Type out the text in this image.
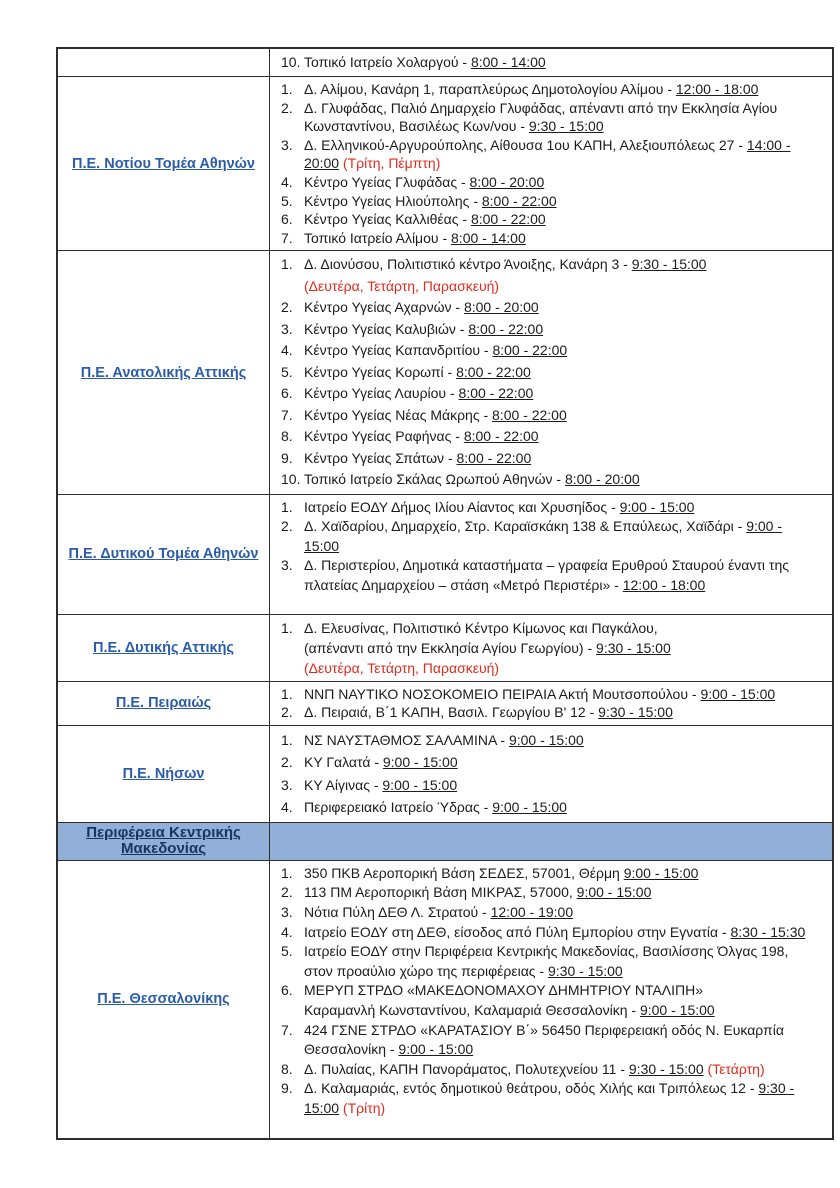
10. Τοπικό Ιατρείο Χολαργού - 8:00 - 14:00
Π.Ε. Νοτίου Τομέα Αθηνών
1. Δ. Αλίμου, Κανάρη 1, παραπλεύρως Δημοτολογίου Αλίμου - 12:00 - 18:00
2. Δ. Γλυφάδας, Παλιό Δημαρχείο Γλυφάδας, απέναντι από την Εκκλησία Αγίου Κωνσταντίνου, Βασιλέως Κων/νου - 9:30 - 15:00
3. Δ. Ελληνικού-Αργυρούπολης, Αίθουσα 1ου ΚΑΠΗ, Αλεξιουπόλεως 27 - 14:00 - 20:00 (Τρίτη, Πέμπτη)
4. Κέντρο Υγείας Γλυφάδας - 8:00 - 20:00
5. Κέντρο Υγείας Ηλιούπολης - 8:00 - 22:00
6. Κέντρο Υγείας Καλλιθέας - 8:00 - 22:00
7. Τοπικό Ιατρείο Αλίμου - 8:00 - 14:00
Π.Ε. Ανατολικής Αττικής
1. Δ. Διονύσου, Πολιτιστικό κέντρο Άνοιξης, Κανάρη 3 - 9:30 - 15:00
(Δευτέρα, Τετάρτη, Παρασκευή)
2. Κέντρο Υγείας Αχαρνών - 8:00 - 20:00
3. Κέντρο Υγείας Καλυβιών - 8:00 - 22:00
4. Κέντρο Υγείας Καπανδριτίου - 8:00 - 22:00
5. Κέντρο Υγείας Κορωπί - 8:00 - 22:00
6. Κέντρο Υγείας Λαυρίου - 8:00 - 22:00
7. Κέντρο Υγείας Νέας Μάκρης - 8:00 - 22:00
8. Κέντρο Υγείας Ραφήνας - 8:00 - 22:00
9. Κέντρο Υγείας Σπάτων - 8:00 - 22:00
10. Τοπικό Ιατρείο Σκάλας Ωρωπού Αθηνών - 8:00 - 20:00
Π.Ε. Δυτικού Τομέα Αθηνών
1. Ιατρείο ΕΟΔΥ Δήμος Ιλίου Αίαντος και Χρυσηίδος - 9:00 - 15:00
2. Δ. Χαϊδαρίου, Δημαρχείο, Στρ. Καραϊσκάκη 138 & Επαύλεως, Χαϊδάρι - 9:00 - 15:00
3. Δ. Περιστερίου, Δημοτικά καταστήματα – γραφεία Ερυθρού Σταυρού έναντι της πλατείας Δημαρχείου – στάση «Μετρό Περιστέρι» - 12:00 - 18:00
Π.Ε. Δυτικής Αττικής
1. Δ. Ελευσίνας, Πολιτιστικό Κέντρο Κίμωνος και Παγκάλου,
(απέναντι από την Εκκλησία Αγίου Γεωργίου) - 9:30 - 15:00
(Δευτέρα, Τετάρτη, Παρασκευή)
Π.Ε. Πειραιώς
1. ΝΝΠ ΝΑΥΤΙΚΟ ΝΟΣΟΚΟΜΕΙΟ ΠΕΙΡΑΙΑ Ακτή Μουτσοπούλου - 9:00 - 15:00
2. Δ. Πειραιά, Β΄1 ΚΑΠΗ, Βασιλ. Γεωργίου Β' 12 - 9:30 - 15:00
Π.Ε. Νήσων
1. ΝΣ ΝΑΥΣΤΑΘΜΟΣ ΣΑΛΑΜΙΝΑ - 9:00 - 15:00
2. ΚΥ Γαλατά - 9:00 - 15:00
3. ΚΥ Αίγινας - 9:00 - 15:00
4. Περιφερειακό Ιατρείο Ύδρας - 9:00 - 15:00
Περιφέρεια Κεντρικής Μακεδονίας
Π.Ε. Θεσσαλονίκης
1. 350 ΠΚΒ Αεροπορική Βάση ΣΕΔΕΣ, 57001, Θέρμη 9:00 - 15:00
2. 113 ΠΜ Αεροπορική Βάση ΜΙΚΡΑΣ, 57000, 9:00 - 15:00
3. Νότια Πύλη ΔΕΘ Λ. Στρατού - 12:00 - 19:00
4. Ιατρείο ΕΟΔΥ στη ΔΕΘ, είσοδος από Πύλη Εμπορίου στην Εγνατία - 8:30 - 15:30
5. Ιατρείο ΕΟΔΥ στην Περιφέρεια Κεντρικής Μακεδονίας, Βασιλίσσης Όλγας 198, στον προαύλιο χώρο της περιφέρειας - 9:30 - 15:00
6. ΜΕΡΥΠ ΣΤΡΔΟ «ΜΑΚΕΔΟΝΟΜΑΧΟΥ ΔΗΜΗΤΡΙΟΥ ΝΤΑΛΙΠΗ»
Καραμανλή Κωνσταντίνου, Καλαμαριά Θεσσαλονίκη - 9:00 - 15:00
7. 424 ΓΣΝΕ ΣΤΡΔΟ «ΚΑΡΑΤΑΣΙΟΥ Β΄» 56450 Περιφερειακή οδός Ν. Ευκαρπία Θεσσαλονίκη - 9:00 - 15:00
8. Δ. Πυλαίας, ΚΑΠΗ Πανοράματος, Πολυτεχνείου 11 - 9:30 - 15:00 (Τετάρτη)
9. Δ. Καλαμαριάς, εντός δημοτικού θεάτρου, οδός Χιλής και Τριπόλεως 12 - 9:30 - 15:00 (Τρίτη)
